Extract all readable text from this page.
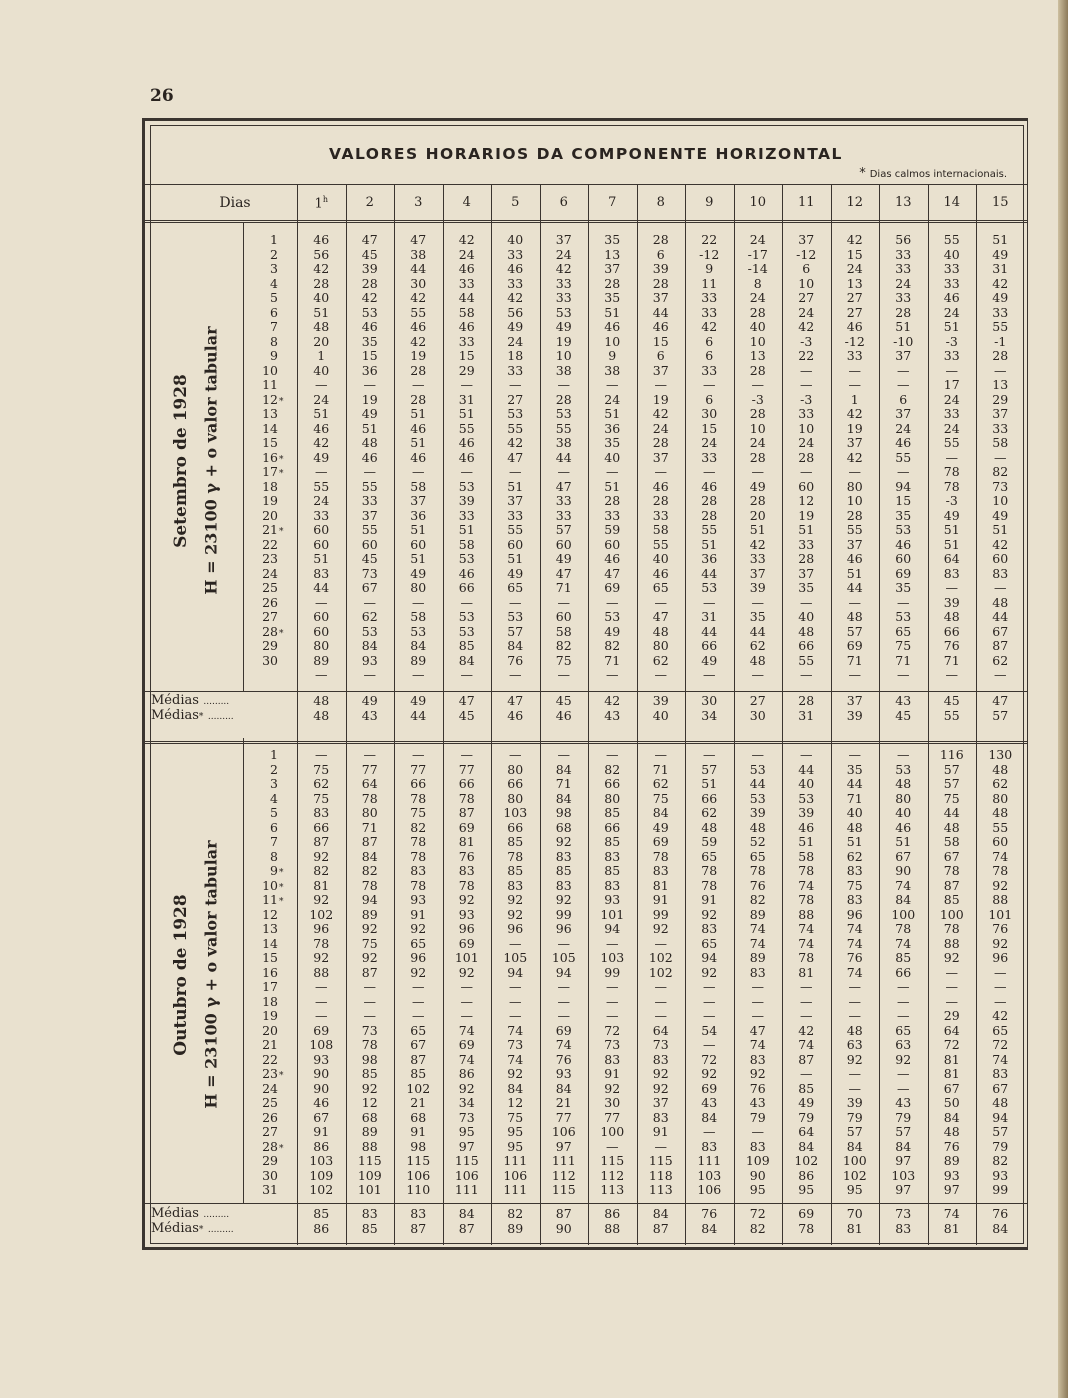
26
VALORES HORARIOS DA COMPONENTE HORIZONTAL
* Dias calmos internacionais.
Dias	1$^h$	2	3	4	5	6	7	8	9	10	11	12	13	14	15
Setembro de 1928 H = 23100 γ + o valor tabular
1	46	47	47	42	40	37	35	28	22	24	37	42	56	55	51
2	56	45	38	24	33	24	13	6	-12	-17	-12	15	33	40	49
3	42	39	44	46	46	42	37	39	9	-14	6	24	33	33	31
4	28	28	30	33	33	33	28	28	11	8	10	13	24	33	42
5	40	42	42	44	42	33	35	37	33	24	27	27	33	46	49
6	51	53	55	58	56	53	51	44	33	28	24	27	28	24	33
7	48	46	46	46	49	49	46	46	42	40	42	46	51	51	55
8	20	35	42	33	24	19	10	15	6	10	-3	-12	-10	-3	-1
9	1	15	19	15	18	10	9	6	6	13	22	33	37	33	28
10	40	36	28	29	33	38	38	37	33	28	—	—	—	—	—
11	—	—	—	—	—	—	—	—	—	—	—	—	—	17	13
12*	24	19	28	31	27	28	24	19	6	-3	-3	1	6	24	29
13	51	49	51	51	53	53	51	42	30	28	33	42	37	33	37
14	46	51	46	55	55	55	36	24	15	10	10	19	24	24	33
15	42	48	51	46	42	38	35	28	24	24	24	37	46	55	58
16*	49	46	46	46	47	44	40	37	33	28	28	42	55	—	—
17*	—	—	—	—	—	—	—	—	—	—	—	—	—	78	82
18	55	55	58	53	51	47	51	46	46	49	60	80	94	78	73
19	24	33	37	39	37	33	28	28	28	28	12	10	15	-3	10
20	33	37	36	33	33	33	33	33	28	20	19	28	35	49	49
21*	60	55	51	51	55	57	59	58	55	51	51	55	53	51	51
22	60	60	60	58	60	60	60	55	51	42	33	37	46	51	42
23	51	45	51	53	51	49	46	40	36	33	28	46	60	64	60
24	83	73	49	46	49	47	47	46	44	37	37	51	69	83	83
25	44	67	80	66	65	71	69	65	53	39	35	44	35	—	—
26	—	—	—	—	—	—	—	—	—	—	—	—	—	39	48
27	60	62	58	53	53	60	53	47	31	35	40	48	53	48	44
28*	60	53	53	53	57	58	49	48	44	44	48	57	65	66	67
29	80	84	84	85	84	82	82	80	66	62	66	69	75	76	87
30	89	93	89	84	76	75	71	62	49	48	55	71	71	71	62
—	—	—	—	—	—	—	—	—	—	—	—	—	—	—
Médias .........	48	49	49	47	47	45	42	39	30	27	28	37	43	45	47
Médias* .........	48	43	44	45	46	46	43	40	34	30	31	39	45	55	57
Outubro de 1928 H = 23100 γ + o valor tabular
1	—	—	—	—	—	—	—	—	—	—	—	—	—	116	130
2	75	77	77	77	80	84	82	71	57	53	44	35	53	57	48
3	62	64	66	66	66	71	66	62	51	44	40	44	48	57	62
4	75	78	78	78	80	84	80	75	66	53	53	71	80	75	80
5	83	80	75	87	103	98	85	84	62	39	39	40	40	44	48
6	66	71	82	69	66	68	66	49	48	48	46	48	46	48	55
7	87	87	78	81	85	92	85	69	59	52	51	51	51	58	60
8	92	84	78	76	78	83	83	78	65	65	58	62	67	67	74
9*	82	82	83	83	85	85	85	83	78	78	78	83	90	78	78
10*	81	78	78	78	83	83	83	81	78	76	74	75	74	87	92
11*	92	94	93	92	92	92	93	91	91	82	78	83	84	85	88
12	102	89	91	93	92	99	101	99	92	89	88	96	100	100	101
13	96	92	92	96	96	96	94	92	83	74	74	74	78	78	76
14	78	75	65	69	—	—	—	—	65	74	74	74	74	88	92
15	92	92	96	101	105	105	103	102	94	89	78	76	85	92	96
16	88	87	92	92	94	94	99	102	92	83	81	74	66	—	—
17	—	—	—	—	—	—	—	—	—	—	—	—	—	—	—
18	—	—	—	—	—	—	—	—	—	—	—	—	—	—	—
19	—	—	—	—	—	—	—	—	—	—	—	—	—	29	42
20	69	73	65	74	74	69	72	64	54	47	42	48	65	64	65
21	108	78	67	69	73	74	73	73	—	74	74	63	63	72	72
22	93	98	87	74	74	76	83	83	72	83	87	92	92	81	74
23*	90	85	85	86	92	93	91	92	92	92	—	—	—	81	83
24	90	92	102	92	84	84	92	92	69	76	85	—	—	67	67
25	46	12	21	34	12	21	30	37	43	43	49	39	43	50	48
26	67	68	68	73	75	77	77	83	84	79	79	79	79	84	94
27	91	89	91	95	95	106	100	91	—	—	64	57	57	48	57
28*	86	88	98	97	95	97	—	—	83	83	84	84	84	76	79
29	103	115	115	115	111	111	115	115	111	109	102	100	97	89	82
30	109	109	106	106	106	112	112	118	103	90	86	102	103	93	93
31	102	101	110	111	111	115	113	113	106	95	95	95	97	97	99
Médias .........	85	83	83	84	82	87	86	84	76	72	69	70	73	74	76
Médias* .........	86	85	87	87	89	90	88	87	84	82	78	81	83	81	84
